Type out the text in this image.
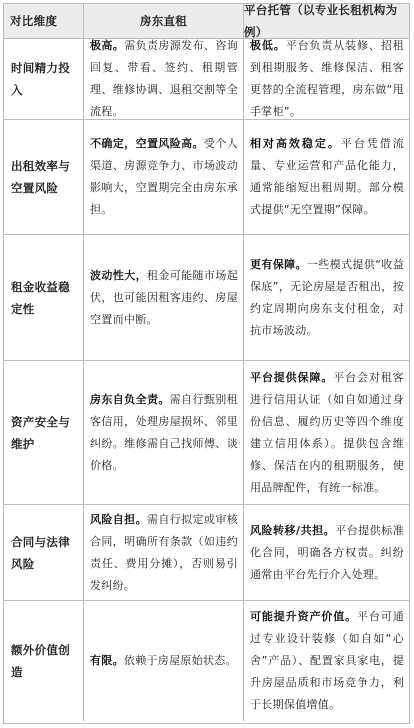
对比维度	房东直租
平台托管（以专业长租机构为例）
时间精力投入
极高。需负责房源发布、咨询回复、带看、签约、租期管理、维修协调、退租交割等全流程。
极低。平台负责从装修、招租到租期服务、维修保洁、租客更替的全流程管理，房东做“甩手掌柜”。
出租效率与空置风险
不确定，空置风险高。受个人渠道、房源竞争力、市场波动影响大，空置期完全由房东承担。
相对高效稳定。平台凭借流量、专业运营和产品化能力，通常能缩短出租周期。部分模式提供“无空置期”保障。
租金收益稳定性
波动性大，租金可能随市场起伏，也可能因租客违约、房屋空置而中断。
更有保障。一些模式提供“收益保底”，无论房屋是否租出，按约定周期向房东支付租金，对抗市场波动。
资产安全与维护
房东自负全责。需自行甄别租客信用，处理房屋损坏、邻里纠纷。维修需自己找师傅、谈价格。
平台提供保障。平台会对租客进行信用认证（如自如通过身份信息、履约历史等四个维度建立信用体系）。提供包含维修、保洁在内的租期服务，使用品牌配件，有统一标准。
合同与法律风险
风险自担。需自行拟定或审核合同，明确所有条款（如违约责任、费用分摊），否则易引发纠纷。
风险转移/共担。平台提供标准化合同，明确各方权责。纠纷通常由平台先行介入处理。
额外价值创造
有限。依赖于房屋原始状态。
可能提升资产价值。平台可通过专业设计装修（如自如“心舍”产品）、配置家具家电，提升房屋品质和市场竞争力，利于长期保值增值。
